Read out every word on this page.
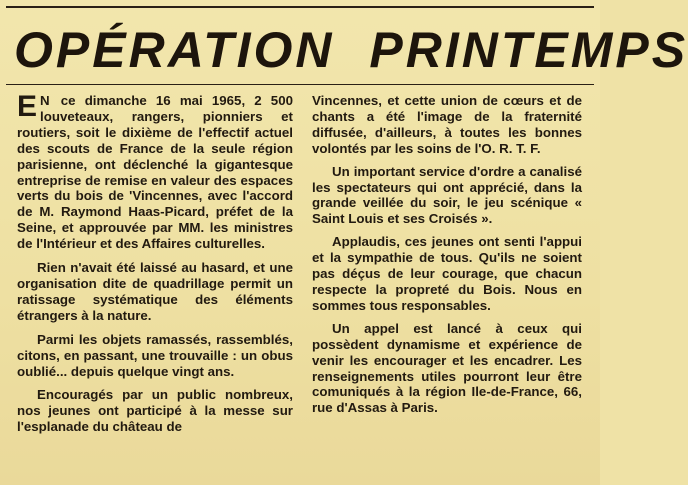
OPÉRATION PRINTEMPS

E N ce dimanche 16 mai 1965, 2 500 louveteaux, rangers, pionniers et routiers, soit le dixième de l'effectif actuel des scouts de France de la seule région parisienne, ont déclenché la gigantesque entreprise de remise en valeur des espaces verts du bois de 'Vincennes, avec l'accord de M. Raymond Haas-Picard, préfet de la Seine, et approuvée par MM. les ministres de l'Intérieur et des Affaires culturelles.

Rien n'avait été laissé au hasard, et une organisation dite de quadrillage permit un ratissage systématique des éléments étrangers à la nature.

Parmi les objets ramassés, rassemblés, citons, en passant, une trouvaille : un obus oublié... depuis quelque vingt ans.

Encouragés par un public nombreux, nos jeunes ont participé à la messe sur l'esplanade du château de

Vincennes, et cette union de cœurs et de chants a été l'image de la fraternité diffusée, d'ailleurs, à toutes les bonnes volontés par les soins de l'O. R. T. F.

Un important service d'ordre a canalisé les spectateurs qui ont apprécié, dans la grande veillée du soir, le jeu scénique « Saint Louis et ses Croisés ».

Applaudis, ces jeunes ont senti l'appui et la sympathie de tous. Qu'ils ne soient pas déçus de leur courage, que chacun respecte la propreté du Bois. Nous en sommes tous responsables.

Un appel est lancé à ceux qui possèdent dynamisme et expérience de venir les encourager et les encadrer. Les renseignements utiles pourront leur être comuniqués à la région Ile-de-France, 66, rue d'Assas à Paris.
